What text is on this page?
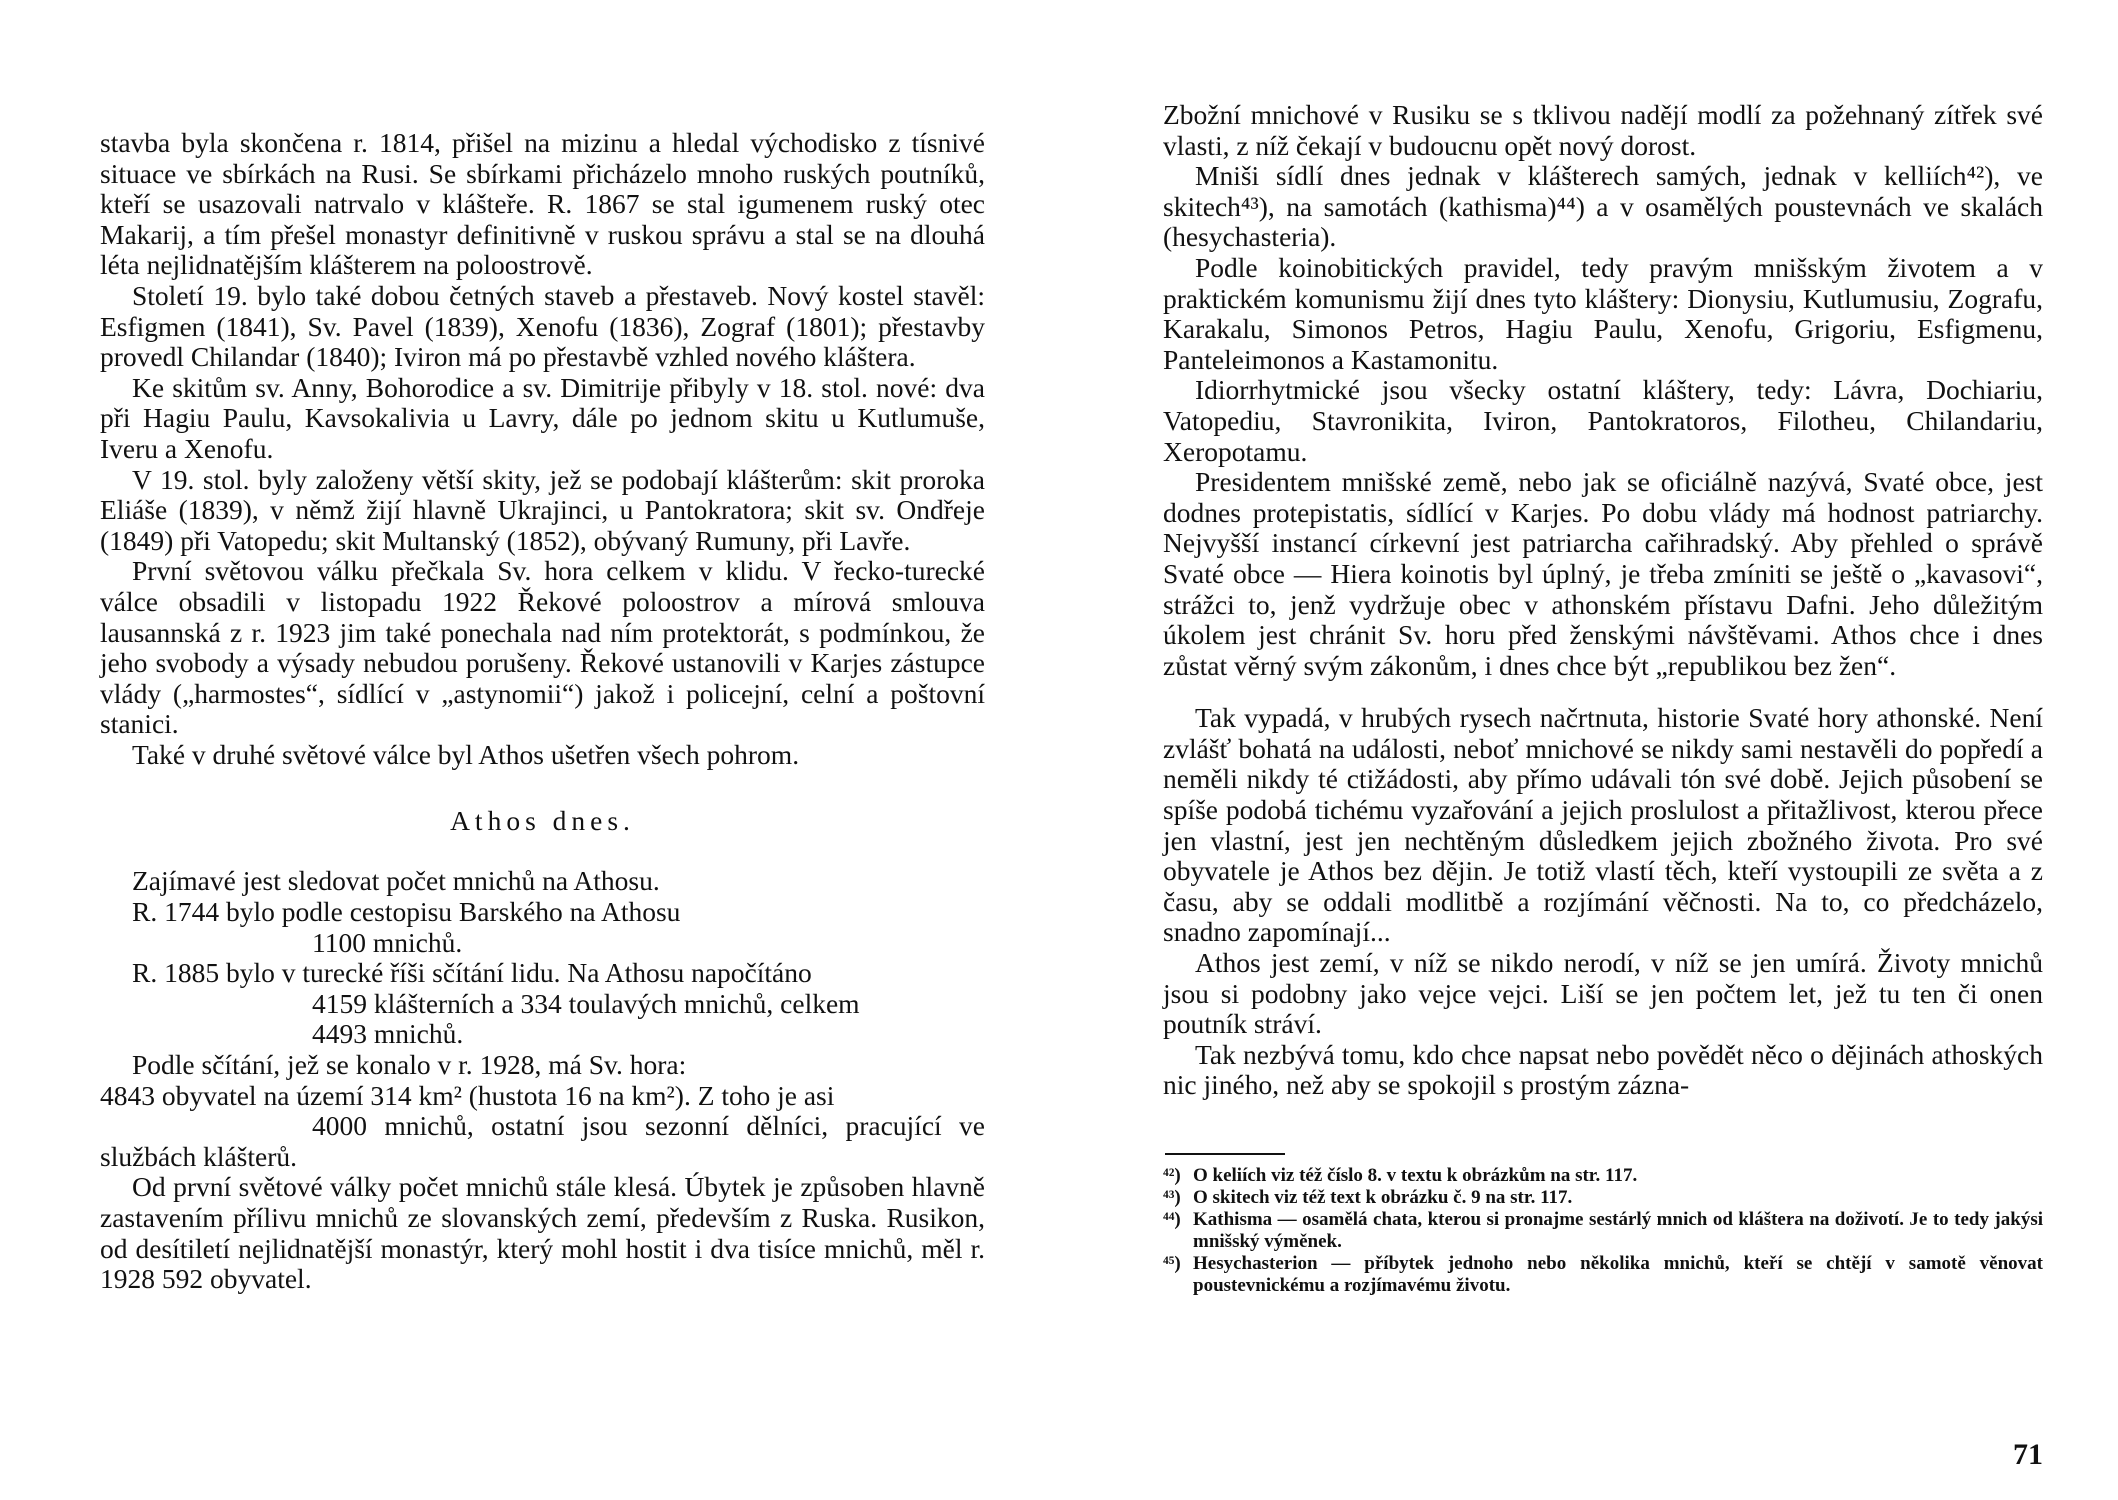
stavba byla skončena r. 1814, přišel na mizinu a hledal východisko z tísnivé situace ve sbírkách na Rusi. Se sbírkami přicházelo mnoho ruských poutníků, kteří se usazovali natrvalo v klášteře. R. 1867 se stal igumenem ruský otec Makarij, a tím přešel monastyr definitivně v ruskou správu a stal se na dlouhá léta nejlidnatějším klášterem na poloostrově.

Století 19. bylo také dobou četných staveb a přestaveb. Nový kostel stavěl: Esfigmen (1841), Sv. Pavel (1839), Xenofu (1836), Zograf (1801); přestavby provedl Chilandar (1840); Iviron má po přestavbě vzhled nového kláštera.

Ke skitům sv. Anny, Bohorodice a sv. Dimitrije přibyly v 18. stol. nové: dva při Hagiu Paulu, Kavsokalivia u Lavry, dále po jednom skitu u Kutlumuše, Iveru a Xenofu.

V 19. stol. byly založeny větší skity, jež se podobají klášterům: skit proroka Eliáše (1839), v němž žijí hlavně Ukrajinci, u Pantokratora; skit sv. Ondřeje (1849) při Vatopedu; skit Multanský (1852), obývaný Rumuny, při Lavře.

První světovou válku přečkala Sv. hora celkem v klidu. V řecko-turecké válce obsadili v listopadu 1922 Řekové poloostrov a mírová smlouva lausannská z r. 1923 jim také ponechala nad ním protektorát, s podmínkou, že jeho svobody a výsady nebudou porušeny. Řekové ustanovili v Karjes zástupce vlády („harmostes“, sídlící v „astynomii“) jakož i policejní, celní a poštovní stanici.

Také v druhé světové válce byl Athos ušetřen všech pohrom.

Athos dnes.

Zajímavé jest sledovat počet mnichů na Athosu.

R. 1744 bylo podle cestopisu Barského na Athosu

1100 mnichů.

R. 1885 bylo v turecké říši sčítání lidu. Na Athosu napočítáno

4159 klášterních a 334 toulavých mnichů, celkem

4493 mnichů.

Podle sčítání, jež se konalo v r. 1928, má Sv. hora:

4843 obyvatel na území 314 km² (hustota 16 na km²). Z toho je asi

4000 mnichů, ostatní jsou sezonní dělníci, pracující ve službách klášterů.

Od první světové války počet mnichů stále klesá. Úbytek je způsoben hlavně zastavením přílivu mnichů ze slovanských zemí, především z Ruska. Rusikon, od desítiletí nejlidnatější monastýr, který mohl hostit i dva tisíce mnichů, měl r. 1928 592 obyvatel.

Zbožní mnichové v Rusiku se s tklivou nadějí modlí za požehnaný zítřek své vlasti, z níž čekají v budoucnu opět nový dorost.

Mniši sídlí dnes jednak v klášterech samých, jednak v kelliích⁴²), ve skitech⁴³), na samotách (kathisma)⁴⁴) a v osamělých poustevnách ve skalách (hesychasteria).

Podle koinobitických pravidel, tedy pravým mnišským životem a v praktickém komunismu žijí dnes tyto kláštery: Dionysiu, Kutlumusiu, Zografu, Karakalu, Simonos Petros, Hagiu Paulu, Xenofu, Grigoriu, Esfigmenu, Panteleimonos a Kastamonitu.

Idiorrhytmické jsou všecky ostatní kláštery, tedy: Lávra, Dochiariu, Vatopediu, Stavronikita, Iviron, Pantokratoros, Filotheu, Chilandariu, Xeropotamu.

Presidentem mnišské země, nebo jak se oficiálně nazývá, Svaté obce, jest dodnes protepistatis, sídlící v Karjes. Po dobu vlády má hodnost patriarchy. Nejvyšší instancí církevní jest patriarcha cařihradský. Aby přehled o správě Svaté obce — Hiera koinotis byl úplný, je třeba zmíniti se ještě o „kavasovi“, strážci to, jenž vydržuje obec v athonském přístavu Dafni. Jeho důležitým úkolem jest chránit Sv. horu před ženskými návštěvami. Athos chce i dnes zůstat věrný svým zákonům, i dnes chce být „republikou bez žen“.

Tak vypadá, v hrubých rysech načrtnuta, historie Svaté hory athonské. Není zvlášť bohatá na události, neboť mnichové se nikdy sami nestavěli do popředí a neměli nikdy té ctižádosti, aby přímo udávali tón své době. Jejich působení se spíše podobá tichému vyzařování a jejich proslulost a přitažlivost, kterou přece jen vlastní, jest jen nechtěným důsledkem jejich zbožného života. Pro své obyvatele je Athos bez dějin. Je totiž vlastí těch, kteří vystoupili ze světa a z času, aby se oddali modlitbě a rozjímání věčnosti. Na to, co předcházelo, snadno zapomínají...

Athos jest zemí, v níž se nikdo nerodí, v níž se jen umírá. Životy mnichů jsou si podobny jako vejce vejci. Liší se jen počtem let, jež tu ten či onen poutník stráví.

Tak nezbývá tomu, kdo chce napsat nebo povědět něco o dějinách athoských nic jiného, než aby se spokojil s prostým zázna-

⁴²) O keliích viz též číslo 8. v textu k obrázkům na str. 117.

⁴³) O skitech viz též text k obrázku č. 9 na str. 117.

⁴⁴) Kathisma — osamělá chata, kterou si pronajme sestárlý mnich od kláštera na doživotí. Je to tedy jakýsi mnišský výměnek.

⁴⁵) Hesychasterion — příbytek jednoho nebo několika mnichů, kteří se chtějí v samotě věnovat poustevnickému a rozjímavému životu.

71
